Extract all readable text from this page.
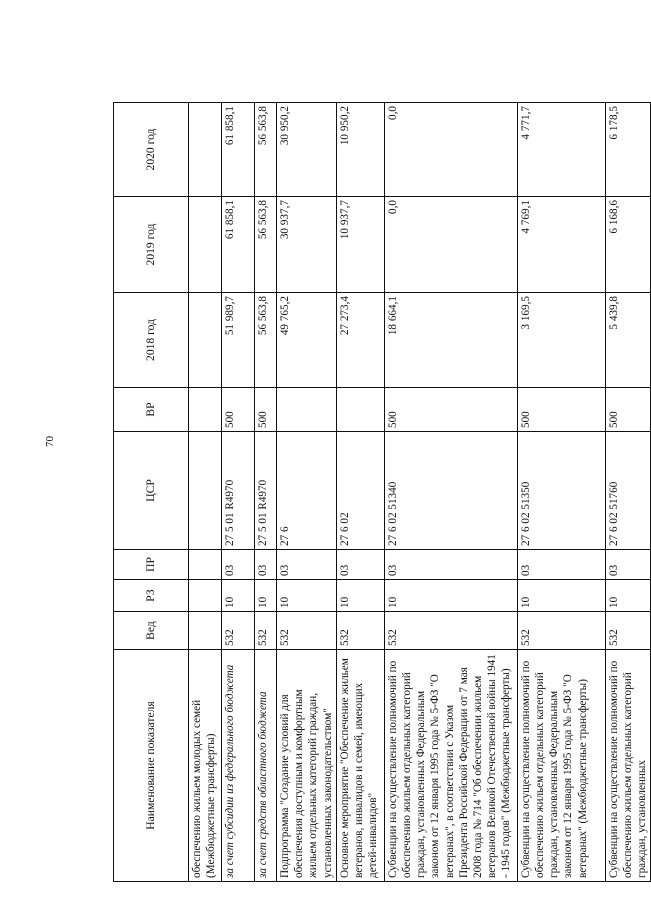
70
Наименование показателя	Вед	РЗ	ПР	ЦСР	ВР	2018 год	2019 год	2020 год
обеспечению жильем молодых семей (Межбюджетные трансферты)								
за счет субсидии из федерального бюджета	532	10	03	27 5 01 R4970	500	51 989,7	61 858,1	61 858,1
за счет средств областного бюджета	532	10	03	27 5 01 R4970	500	56 563,8	56 563,8	56 563,8
Подпрограмма "Создание условий для обеспечения доступным и комфортным жильем отдельных категорий граждан, установленных законодательством"	532	10	03	27 6		49 765,2	30 937,7	30 950,2
Основное мероприятие "Обеспечение жильем ветеранов, инвалидов и семей, имеющих детей-инвалидов"	532	10	03	27 6 02		27 273,4	10 937,7	10 950,2
Субвенции на осуществление полномочий по обеспечению жильем отдельных категорий граждан, установленных Федеральным законом от 12 января 1995 года № 5-ФЗ "О ветеранах", в соответствии с Указом Президента Российской Федерации от 7 мая 2008 года № 714 "Об обеспечении жильем ветеранов Великой Отечественной войны 1941 - 1945 годов" (Межбюджетные трансферты)	532	10	03	27 6 02 51340	500	18 664,1	0,0	0,0
Субвенции на осуществление полномочий по обеспечению жильем отдельных категорий граждан, установленных Федеральным законом от 12 января 1995 года № 5-ФЗ "О ветеранах" (Межбюджетные трансферты)	532	10	03	27 6 02 51350	500	3 169,5	4 769,1	4 771,7
Субвенции на осуществление полномочий по обеспечению жильем отдельных категорий граждан, установленных	532	10	03	27 6 02 51760	500	5 439,8	6 168,6	6 178,5
